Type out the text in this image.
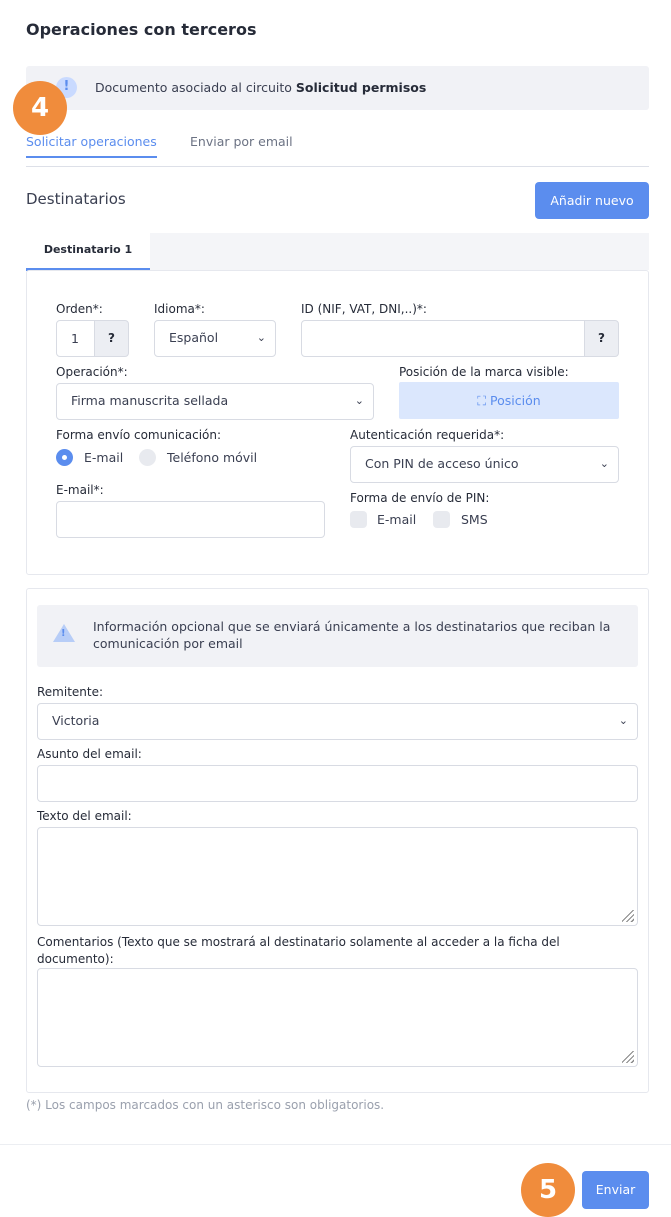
Operaciones con terceros
!	Documento asociado al circuito Solicitud permisos
4
Solicitar operaciones	Enviar por email
Destinatarios	Añadir nuevo
Destinatario 1
Orden*:
1	?
Idioma*:
Español	⌄
ID (NIF, VAT, DNI,..)*:
?
Operación*:
Firma manuscrita sellada	⌄
Posición de la marca visible:
⛶ Posición
Forma envío comunicación:
E-mail	Teléfono móvil
Autenticación requerida*:
Con PIN de acceso único	⌄
E-mail*:
Forma de envío de PIN:
E-mail	SMS
! Información opcional que se enviará únicamente a los destinatarios que reciban la comunicación por email
Remitente:
Victoria	⌄
Asunto del email:
Texto del email:
Comentarios (Texto que se mostrará al destinatario solamente al acceder a la ficha del documento):
(*) Los campos marcados con un asterisco son obligatorios.
5	Enviar
